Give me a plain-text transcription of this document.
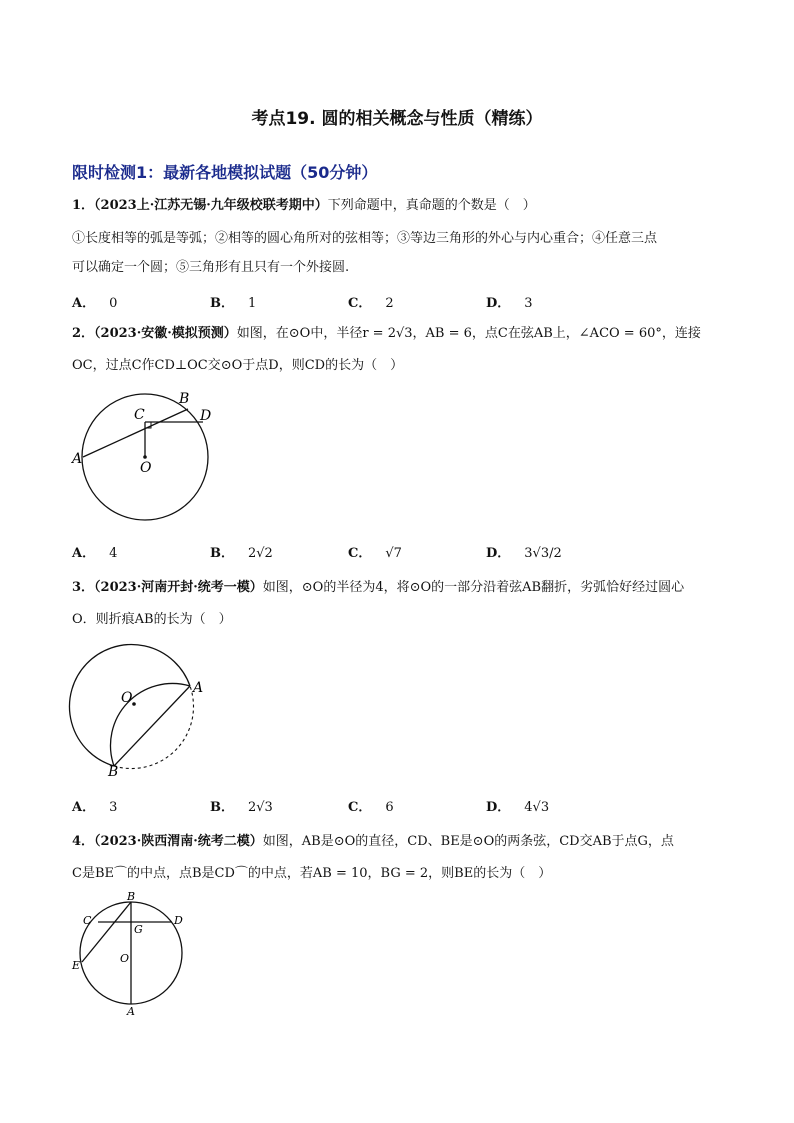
考点19. 圆的相关概念与性质（精练）
限时检测1：最新各地模拟试题（50分钟）
1．（2023上·江苏无锡·九年级校联考期中）下列命题中，真命题的个数是（　）
①长度相等的弧是等弧；②相等的圆心角所对的弦相等；③等边三角形的外心与内心重合；④任意三点
可以确定一个圆；⑤三角形有且只有一个外接圆.
A． 0	B． 1	C． 2	D． 3
2．（2023·安徽·模拟预测）如图，在⊙O中，半径r = 2√3，AB = 6，点C在弦AB上，∠ACO = 60°，连接
OC，过点C作CD⊥OC交⊙O于点D，则CD的长为（　）
A
B
C	D
O
A． 4	B． 2√2	C． √7	D． 3√3/2
3．（2023·河南开封·统考一模）如图，⊙O的半径为4，将⊙O的一部分沿着弦AB翻折，劣弧恰好经过圆心
O．则折痕AB的长为（　）
O
A
B
A． 3	B． 2√3	C． 6	D． 4√3
4．（2023·陕西渭南·统考二模）如图，AB是⊙O的直径，CD、BE是⊙O的两条弦，CD交AB于点G，点
C是BE⌒的中点，点B是CD⌒的中点，若AB = 10，BG = 2，则BE的长为（　）
B
C	D
G
O
E
A
